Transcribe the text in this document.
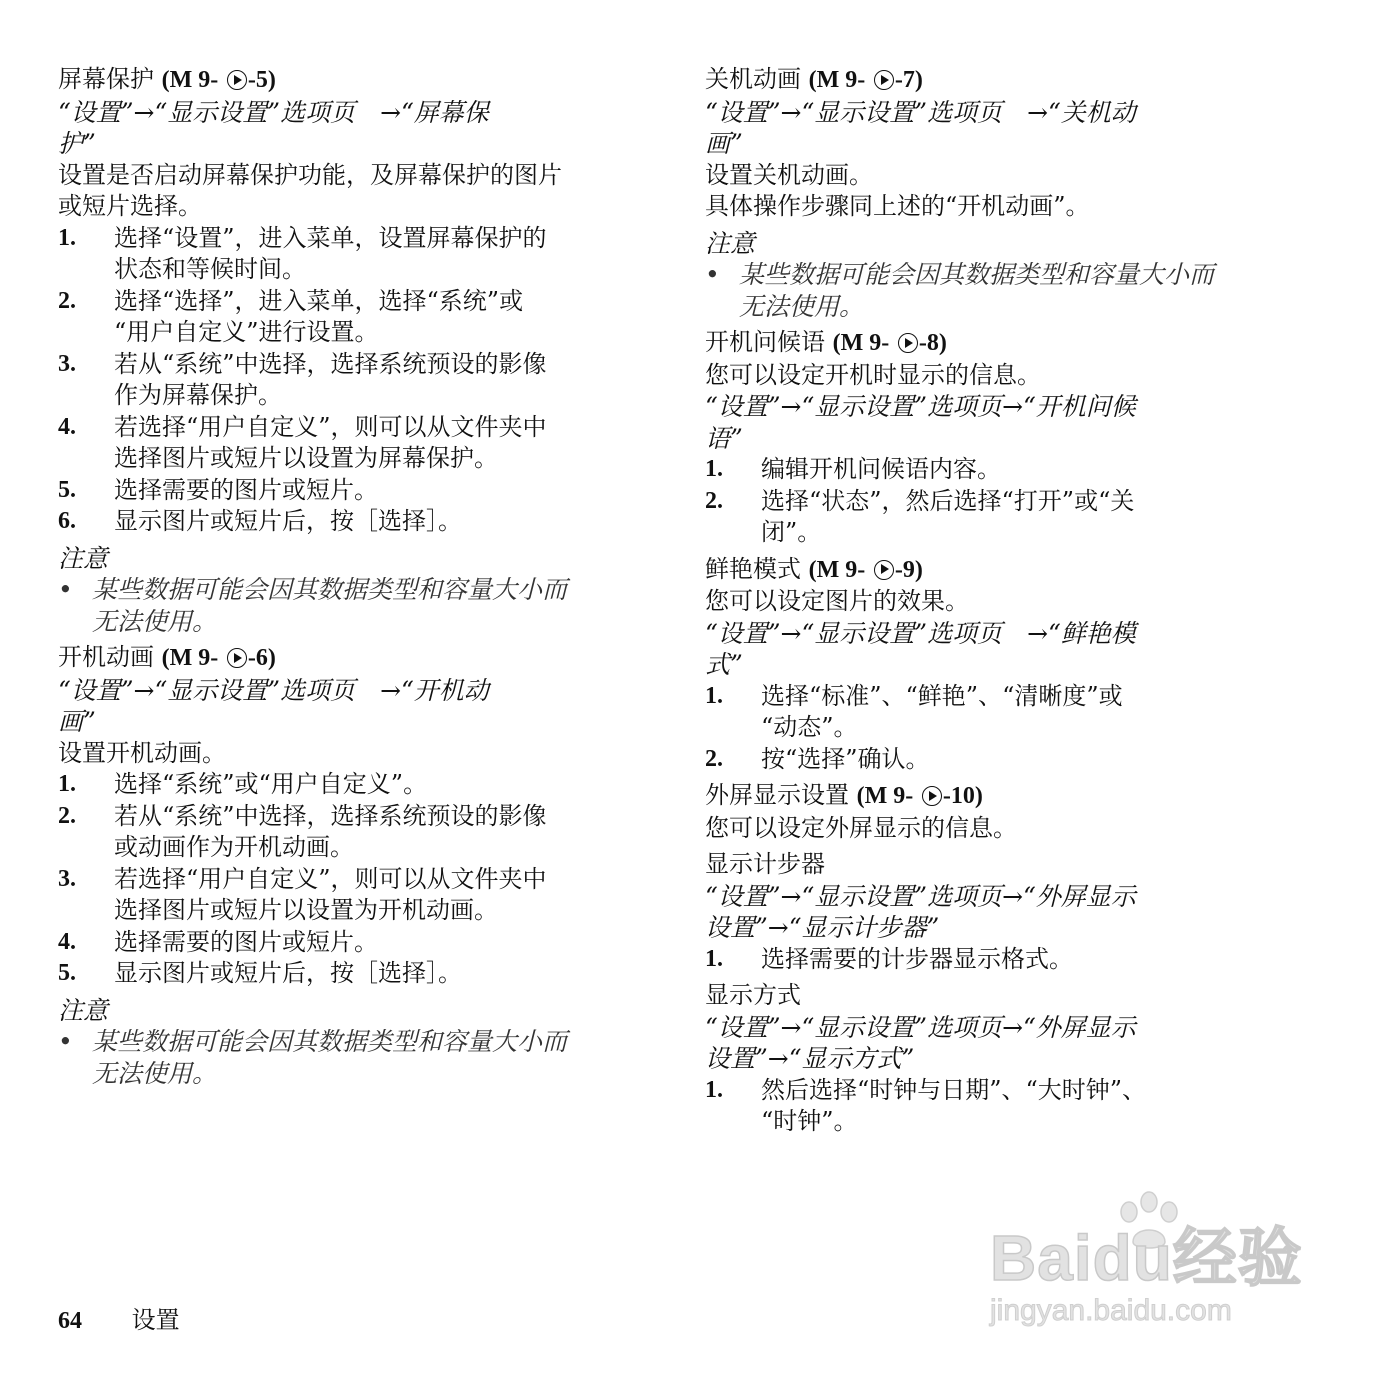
屏幕保护 (M 9- -5)
“设置”→“显示设置”选项页　→“屏幕保
护”
设置是否启动屏幕保护功能，及屏幕保护的图片
或短片选择。
1.	选择“设置”，进入菜单，设置屏幕保护的
状态和等候时间。
2.	选择“选择”，进入菜单，选择“系统”或
“用户自定义”进行设置。
3.	若从“系统”中选择，选择系统预设的影像
作为屏幕保护。
4.	若选择“用户自定义”，则可以从文件夹中
选择图片或短片以设置为屏幕保护。
5.	选择需要的图片或短片。
6.	显示图片或短片后，按［选择］。
注意
• 某些数据可能会因其数据类型和容量大小而
无法使用。
开机动画 (M 9- -6)
“设置”→“显示设置”选项页　→“开机动
画”
设置开机动画。
1.	选择“系统”或“用户自定义”。
2.	若从“系统”中选择，选择系统预设的影像
或动画作为开机动画。
3.	若选择“用户自定义”，则可以从文件夹中
选择图片或短片以设置为开机动画。
4.	选择需要的图片或短片。
5.	显示图片或短片后，按［选择］。
注意
• 某些数据可能会因其数据类型和容量大小而
无法使用。
关机动画 (M 9- -7)
“设置”→“显示设置”选项页　→“关机动
画”
设置关机动画。
具体操作步骤同上述的“开机动画”。
注意
• 某些数据可能会因其数据类型和容量大小而
无法使用。
开机问候语 (M 9- -8)
您可以设定开机时显示的信息。
“设置”→“显示设置”选项页→“开机问候
语”
1.	编辑开机问候语内容。
2.	选择“状态”，然后选择“打开”或“关
闭”。
鲜艳模式 (M 9- -9)
您可以设定图片的效果。
“设置”→“显示设置”选项页　→“鲜艳模
式”
1.	选择“标准”、“鲜艳”、“清晰度”或
“动态”。
2.	按“选择”确认。
外屏显示设置 (M 9- -10)
您可以设定外屏显示的信息。
显示计步器
“设置”→“显示设置”选项页→“外屏显示
设置”→“显示计步器”
1.	选择需要的计步器显示格式。
显示方式
“设置”→“显示设置”选项页→“外屏显示
设置”→“显示方式”
1.	然后选择“时钟与日期”、“大时钟”、
“时钟”。
64 设置
Baidu经验
jingyan.baidu.com
